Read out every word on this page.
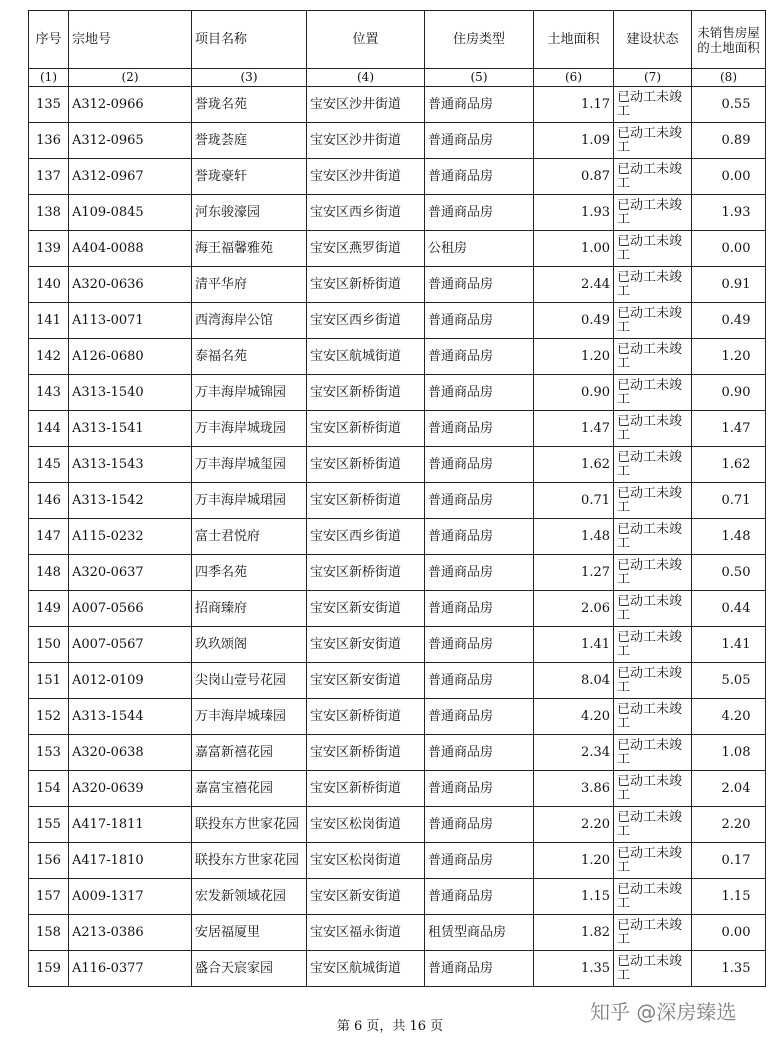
序号	宗地号	项目名称	位置	住房类型	土地面积	建设状态	未销售房屋的土地面积
(1)	(2)	(3)	(4)	(5)	(6)	(7)	(8)
135	A312-0966	誉珑名苑	宝安区沙井街道	普通商品房	1.17	已动工未竣工	0.55
136	A312-0965	誉珑荟庭	宝安区沙井街道	普通商品房	1.09	已动工未竣工	0.89
137	A312-0967	誉珑豪轩	宝安区沙井街道	普通商品房	0.87	已动工未竣工	0.00
138	A109-0845	河东骏濠园	宝安区西乡街道	普通商品房	1.93	已动工未竣工	1.93
139	A404-0088	海王福馨雅苑	宝安区燕罗街道	公租房	1.00	已动工未竣工	0.00
140	A320-0636	清平华府	宝安区新桥街道	普通商品房	2.44	已动工未竣工	0.91
141	A113-0071	西湾海岸公馆	宝安区西乡街道	普通商品房	0.49	已动工未竣工	0.49
142	A126-0680	泰福名苑	宝安区航城街道	普通商品房	1.20	已动工未竣工	1.20
143	A313-1540	万丰海岸城锦园	宝安区新桥街道	普通商品房	0.90	已动工未竣工	0.90
144	A313-1541	万丰海岸城珑园	宝安区新桥街道	普通商品房	1.47	已动工未竣工	1.47
145	A313-1543	万丰海岸城玺园	宝安区新桥街道	普通商品房	1.62	已动工未竣工	1.62
146	A313-1542	万丰海岸城珺园	宝安区新桥街道	普通商品房	0.71	已动工未竣工	0.71
147	A115-0232	富士君悦府	宝安区西乡街道	普通商品房	1.48	已动工未竣工	1.48
148	A320-0637	四季名苑	宝安区新桥街道	普通商品房	1.27	已动工未竣工	0.50
149	A007-0566	招商臻府	宝安区新安街道	普通商品房	2.06	已动工未竣工	0.44
150	A007-0567	玖玖颂阁	宝安区新安街道	普通商品房	1.41	已动工未竣工	1.41
151	A012-0109	尖岗山壹号花园	宝安区新安街道	普通商品房	8.04	已动工未竣工	5.05
152	A313-1544	万丰海岸城瑧园	宝安区新桥街道	普通商品房	4.20	已动工未竣工	4.20
153	A320-0638	嘉富新禧花园	宝安区新桥街道	普通商品房	2.34	已动工未竣工	1.08
154	A320-0639	嘉富宝禧花园	宝安区新桥街道	普通商品房	3.86	已动工未竣工	2.04
155	A417-1811	联投东方世家花园	宝安区松岗街道	普通商品房	2.20	已动工未竣工	2.20
156	A417-1810	联投东方世家花园	宝安区松岗街道	普通商品房	1.20	已动工未竣工	0.17
157	A009-1317	宏发新领域花园	宝安区新安街道	普通商品房	1.15	已动工未竣工	1.15
158	A213-0386	安居福厦里	宝安区福永街道	租赁型商品房	1.82	已动工未竣工	0.00
159	A116-0377	盛合天宸家园	宝安区航城街道	普通商品房	1.35	已动工未竣工	1.35
第 6 页，共 16 页
知乎 @深房臻选
